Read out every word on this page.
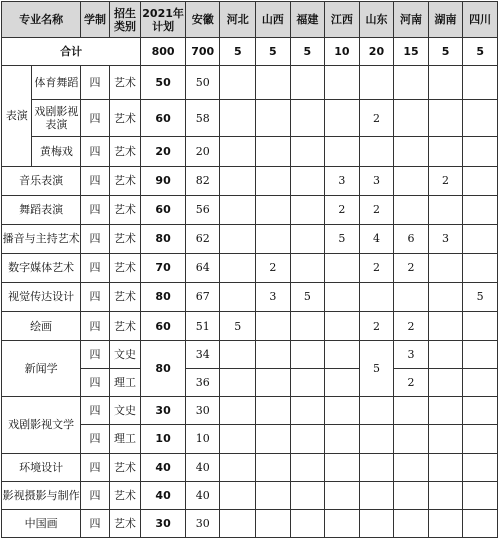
专业名称		学制	招生类别	2021年计划	安徽	河北	山西	福建	江西	山东	河南	湖南	四川
合计				800	700	5	5	5	10	20	15	5	5
表演	体育舞蹈	四	艺术	50	50								
	戏剧影视表演	四	艺术	60	58					2			
	黄梅戏	四	艺术	20	20								
音乐表演		四	艺术	90	82				3	3		2	
舞蹈表演		四	艺术	60	56				2	2			
播音与主持艺术		四	艺术	80	62				5	4	6	3	
数字媒体艺术		四	艺术	70	64		2			2	2		
视觉传达设计		四	艺术	80	67		3	5					5
绘画		四	艺术	60	51	5				2	2		
新闻学		四	文史	80	34					5	3		
		四	理工		36						2		
戏剧影视文学		四	文史	30	30								
		四	理工	10	10								
环境设计		四	艺术	40	40								
影视摄影与制作		四	艺术	40	40								
中国画		四	艺术	30	30								
